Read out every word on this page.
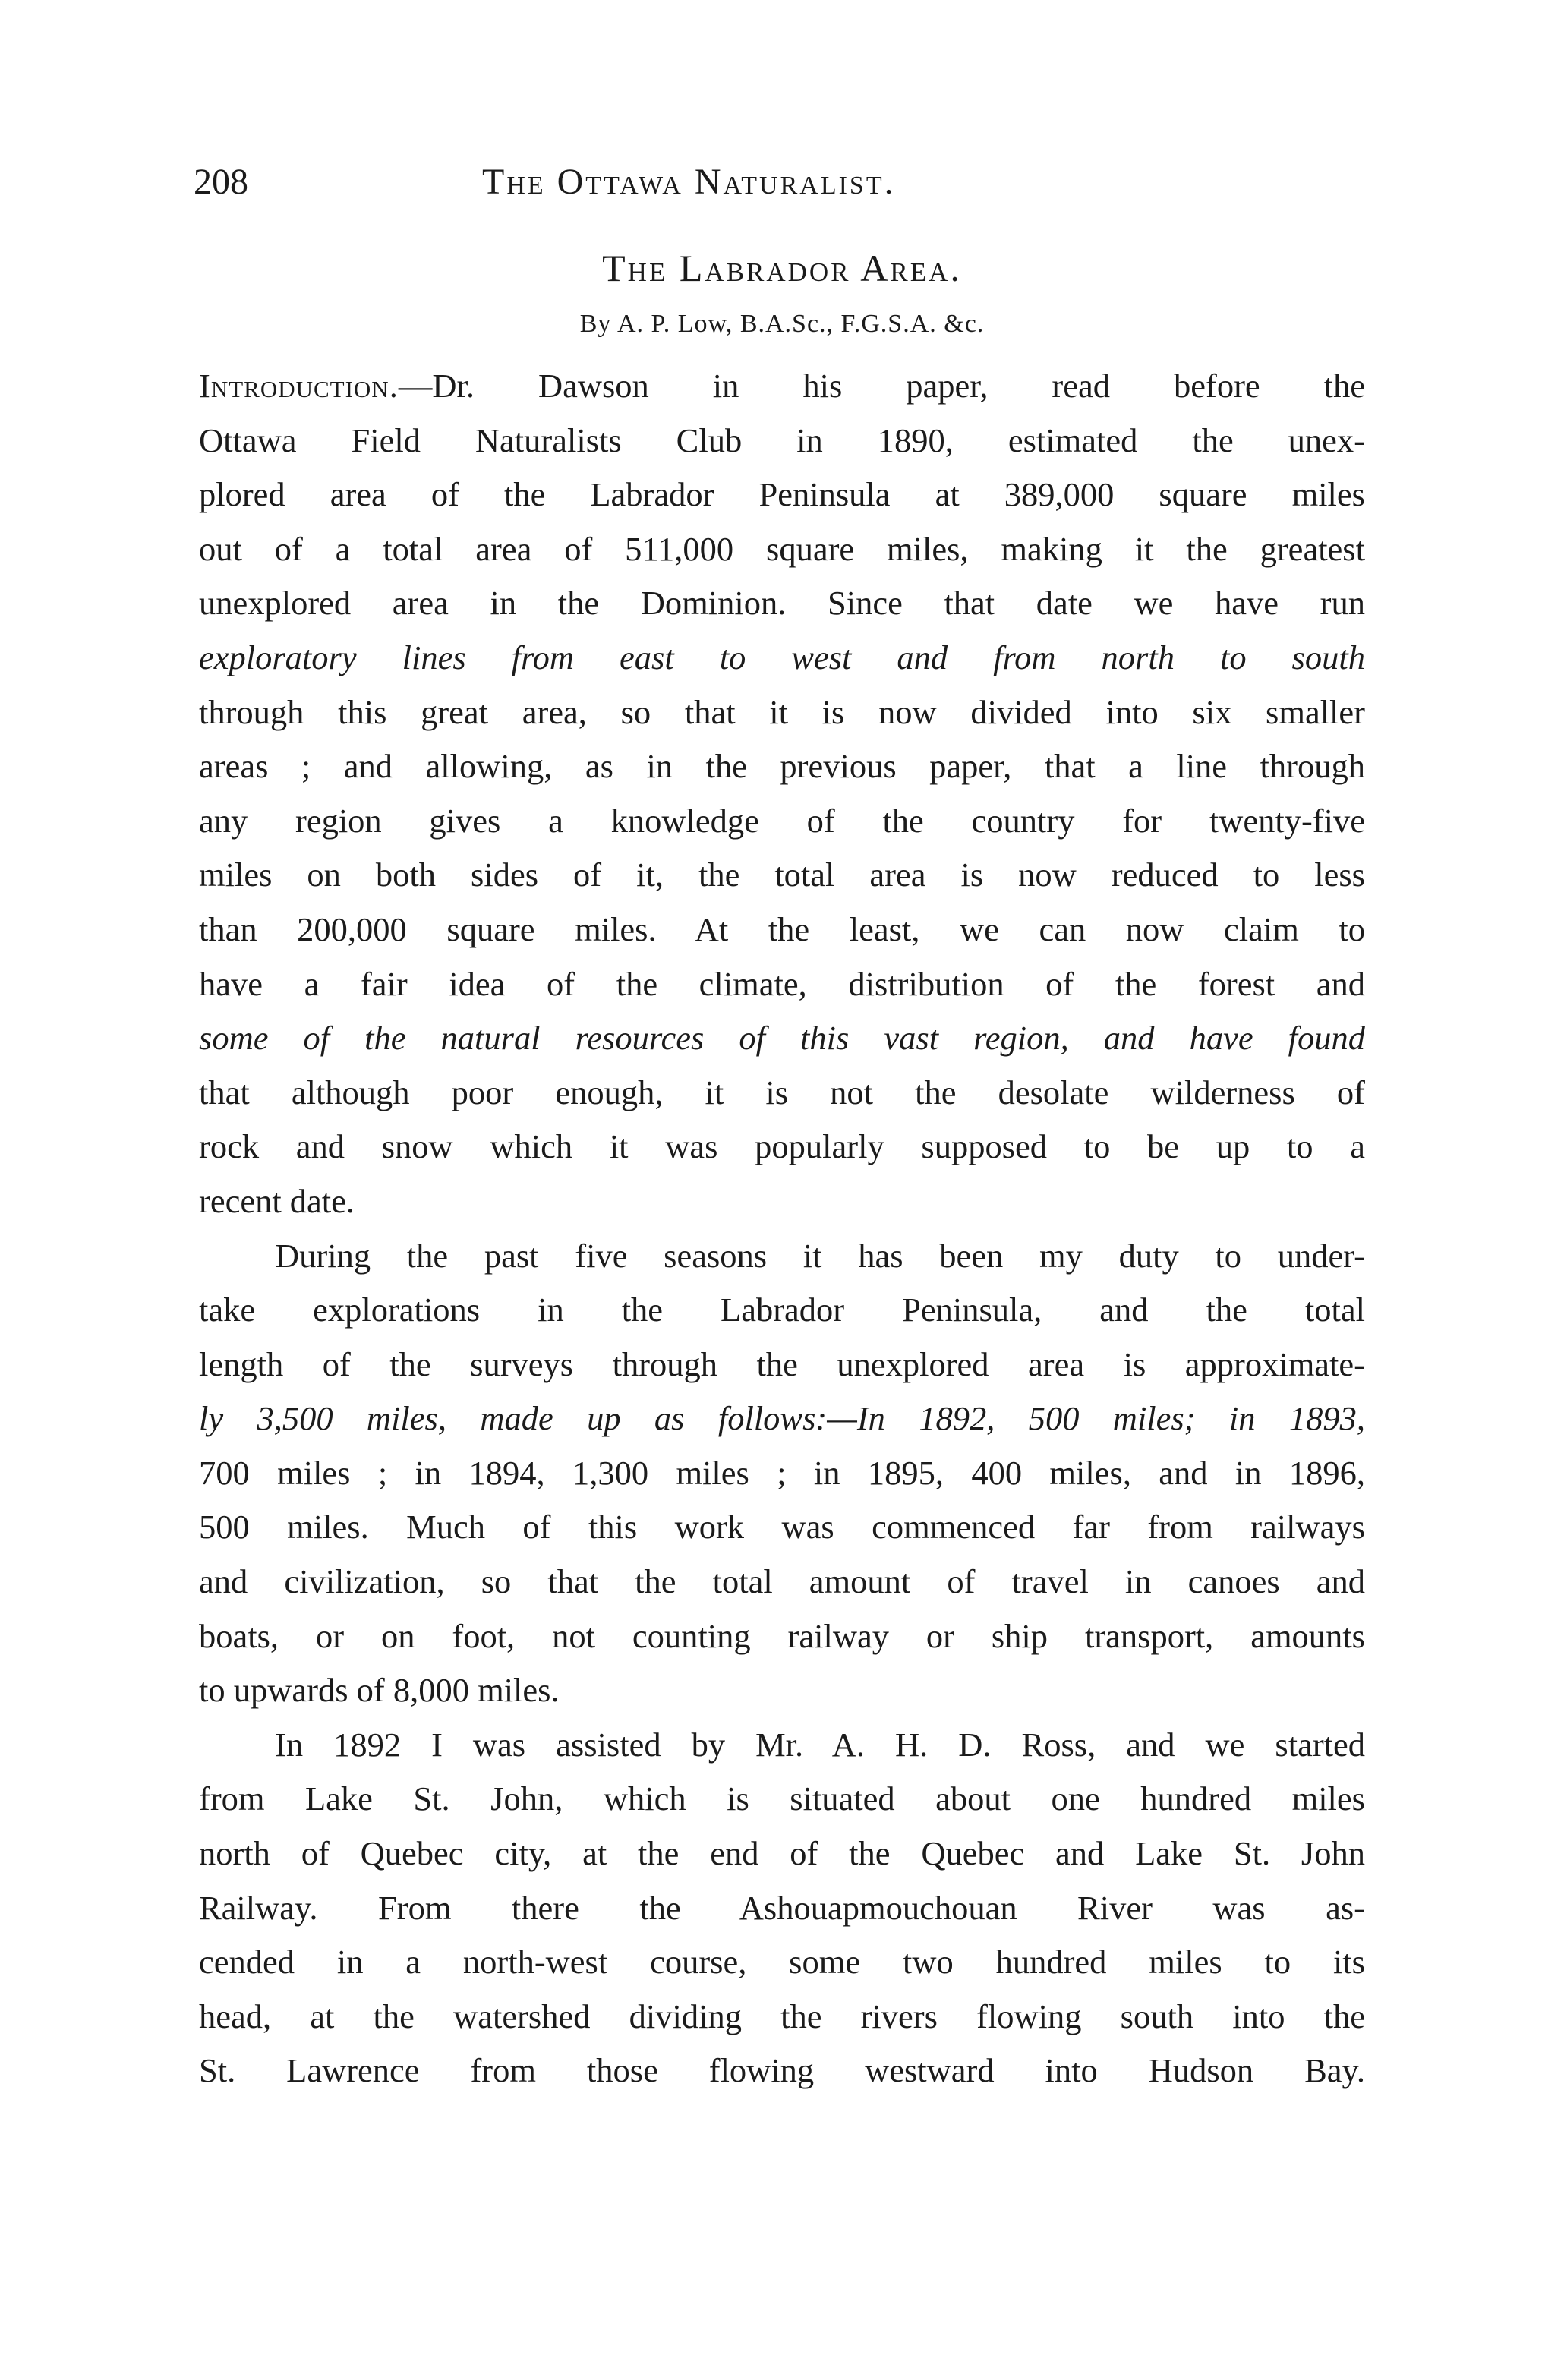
208	The Ottawa Naturalist.
The Labrador Area.
By A. P. Low, B.A.Sc., F.G.S.A. &c.
Introduction.—Dr. Dawson in his paper, read before the
Ottawa Field Naturalists Club in 1890, estimated the unex-
plored area of the Labrador Peninsula at 389,000 square miles
out of a total area of 511,000 square miles, making it the greatest
unexplored area in the Dominion. Since that date we have run
exploratory lines from east to west and from north to south
through this great area, so that it is now divided into six smaller
areas ; and allowing, as in the previous paper, that a line through
any region gives a knowledge of the country for twenty-five
miles on both sides of it, the total area is now reduced to less
than 200,000 square miles. At the least, we can now claim to
have a fair idea of the climate, distribution of the forest and
some of the natural resources of this vast region, and have found
that although poor enough, it is not the desolate wilderness of
rock and snow which it was popularly supposed to be up to a
recent date.
During the past five seasons it has been my duty to under-
take explorations in the Labrador Peninsula, and the total
length of the surveys through the unexplored area is approximate-
ly 3,500 miles, made up as follows:—In 1892, 500 miles; in 1893,
700 miles ; in 1894, 1,300 miles ; in 1895, 400 miles, and in 1896,
500 miles. Much of this work was commenced far from railways
and civilization, so that the total amount of travel in canoes and
boats, or on foot, not counting railway or ship transport, amounts
to upwards of 8,000 miles.
In 1892 I was assisted by Mr. A. H. D. Ross, and we started
from Lake St. John, which is situated about one hundred miles
north of Quebec city, at the end of the Quebec and Lake St. John
Railway. From there the Ashouapmouchouan River was as-
cended in a north-west course, some two hundred miles to its
head, at the watershed dividing the rivers flowing south into the
St. Lawrence from those flowing westward into Hudson Bay.
